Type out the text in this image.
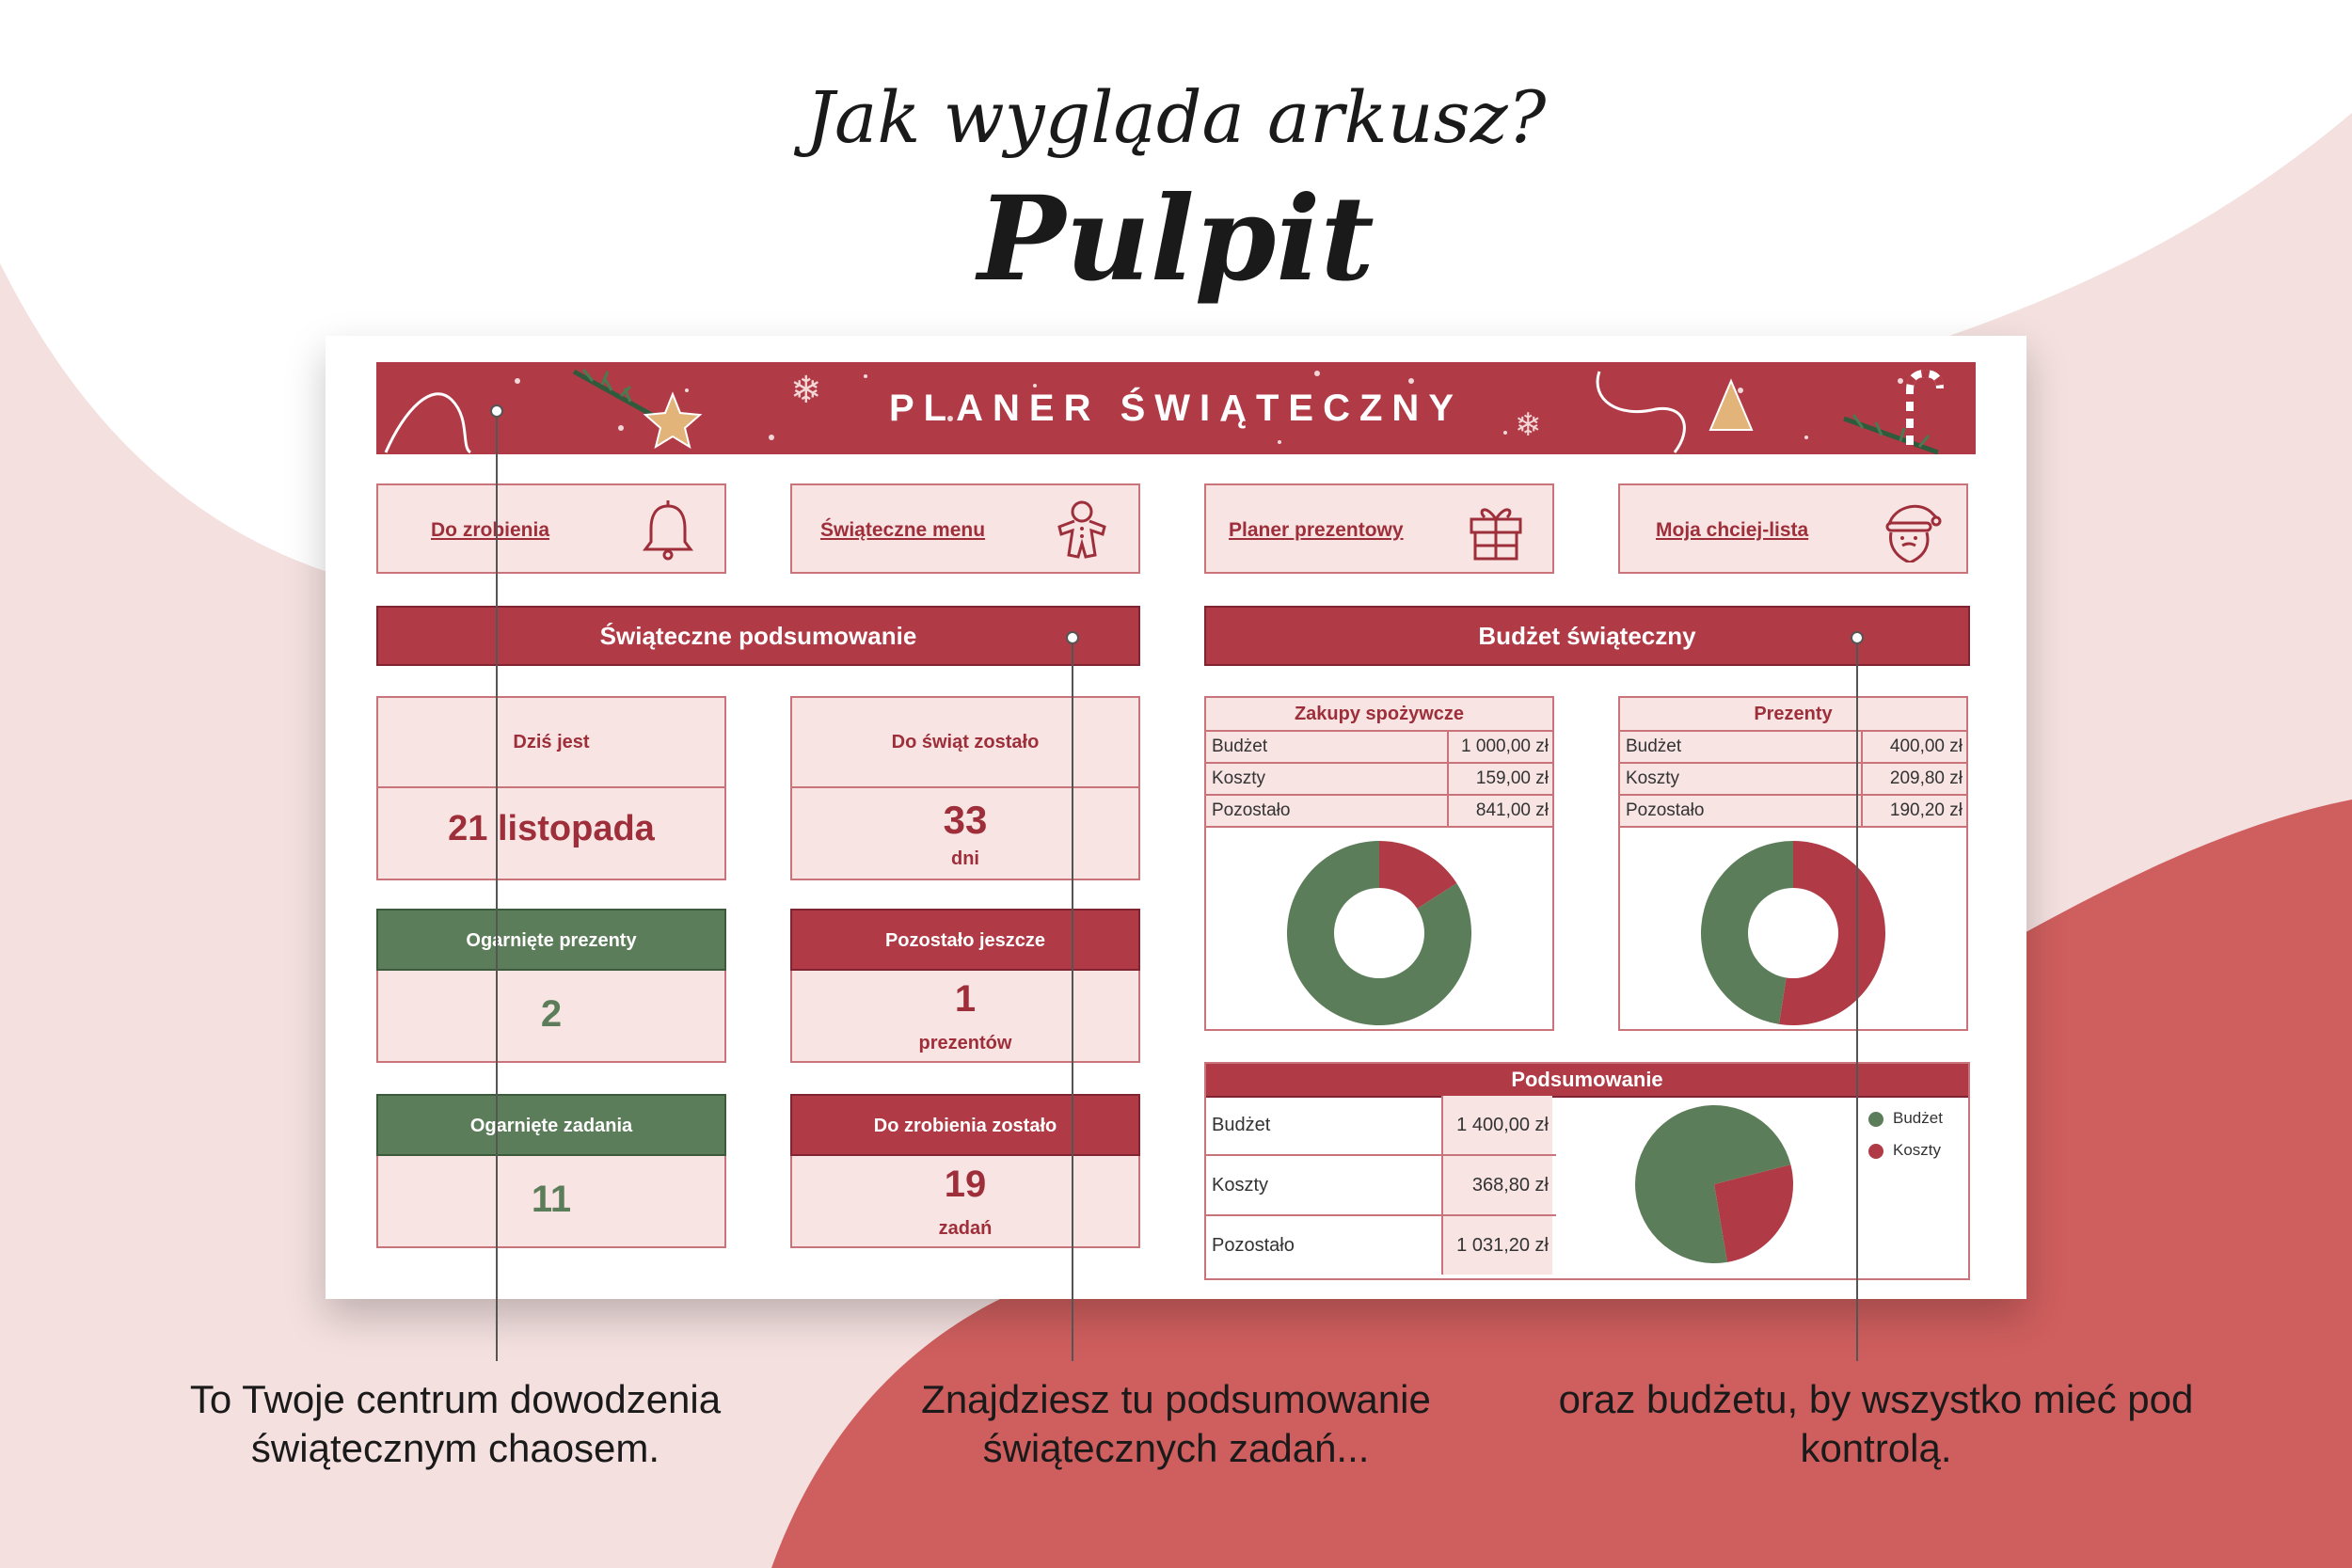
Jak wygląda arkusz?
Pulpit
PLANER ŚWIĄTECZNY
❄
❄
Do zrobienia	Świąteczne menu	Planer prezentowy	Moja chciej-lista
Świąteczne podsumowanie	Budżet świąteczny
Dziś jest
21 listopada
Do świąt zostało
33
dni
Ogarnięte prezenty
2
Pozostało jeszcze
1
prezentów
Ogarnięte zadania
11
Do zrobienia zostało
19
zadań
Zakupy spożywcze
Budżet	1 000,00 zł
Koszty	159,00 zł
Pozostało	841,00 zł
Prezenty
Budżet	400,00 zł
Koszty	209,80 zł
Pozostało	190,20 zł
Podsumowanie
Budżet	1 400,00 zł
Koszty	368,80 zł
Pozostało	1 031,20 zł
Budżet
Koszty
To Twoje centrum dowodzenia świątecznym chaosem.
Znajdziesz tu podsumowanie świątecznych zadań...
oraz budżetu, by wszystko mieć pod kontrolą.
